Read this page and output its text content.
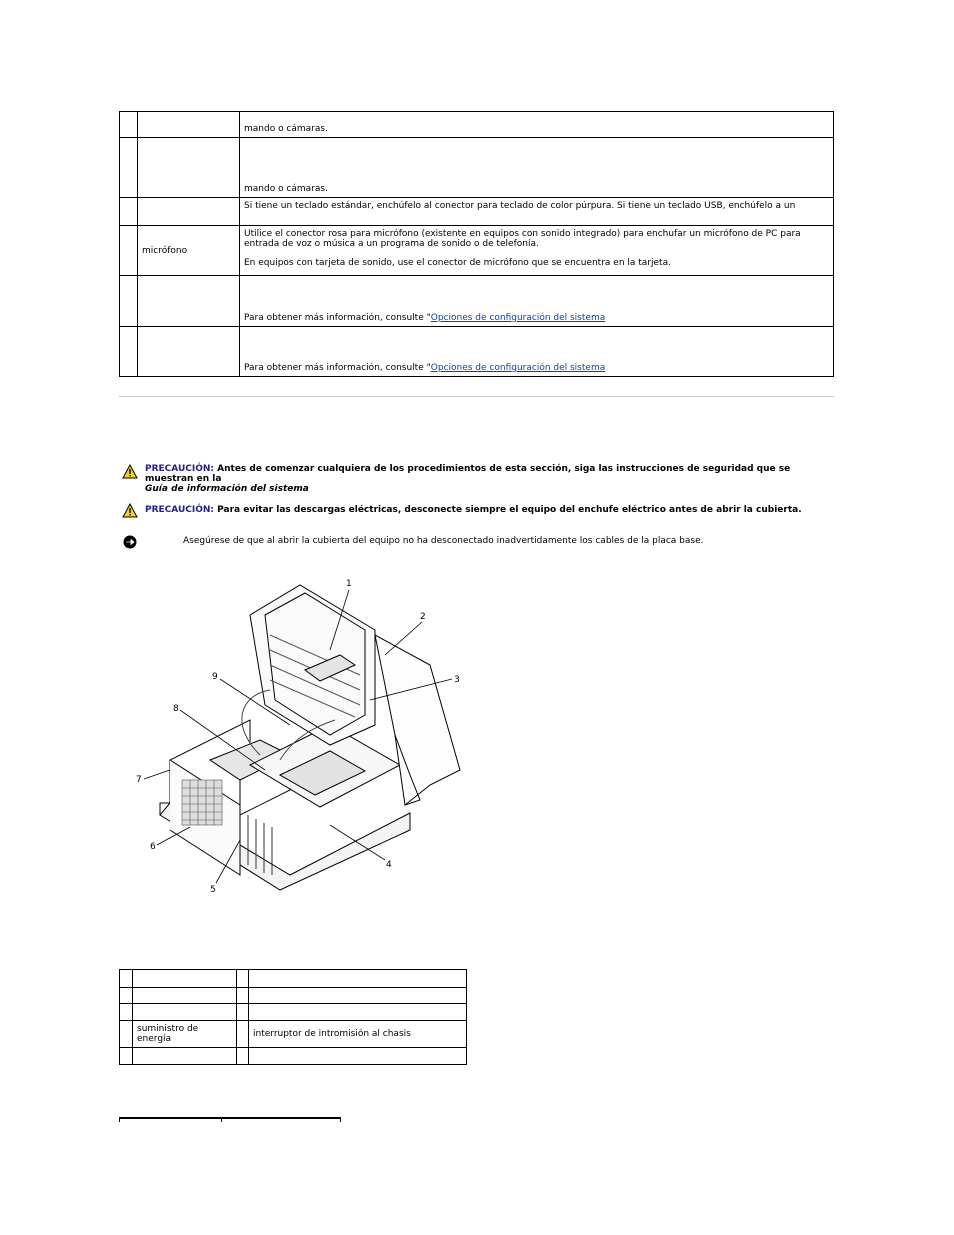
		mando o cámaras.
		mando o cámaras.
		Si tiene un teclado estándar, enchúfelo al conector para teclado de color púrpura. Si tiene un teclado USB, enchúfelo a un
	micrófono	Utilice el conector rosa para micrófono (existente en equipos con sonido integrado) para enchufar un micrófono de PC para entrada de voz o música a un programa de sonido o de telefonía.
En equipos con tarjeta de sonido, use el conector de micrófono que se encuentra en la tarjeta.

		Para obtener más información, consulte "Opciones de configuración del sistema
		Para obtener más información, consulte "Opciones de configuración del sistema
PRECAUCIÓN: Antes de comenzar cualquiera de los procedimientos de esta sección, siga las instrucciones de seguridad que se muestran en la
Guía de información del sistema
PRECAUCIÓN: Para evitar las descargas eléctricas, desconecte siempre el equipo del enchufe eléctrico antes de abrir la cubierta.
Asegúrese de que al abrir la cubierta del equipo no ha desconectado inadvertidamente los cables de la placa base.
1
2
3
4
5
6
7
8
9

	suministro de energía		interruptor de intromisión al chasis
